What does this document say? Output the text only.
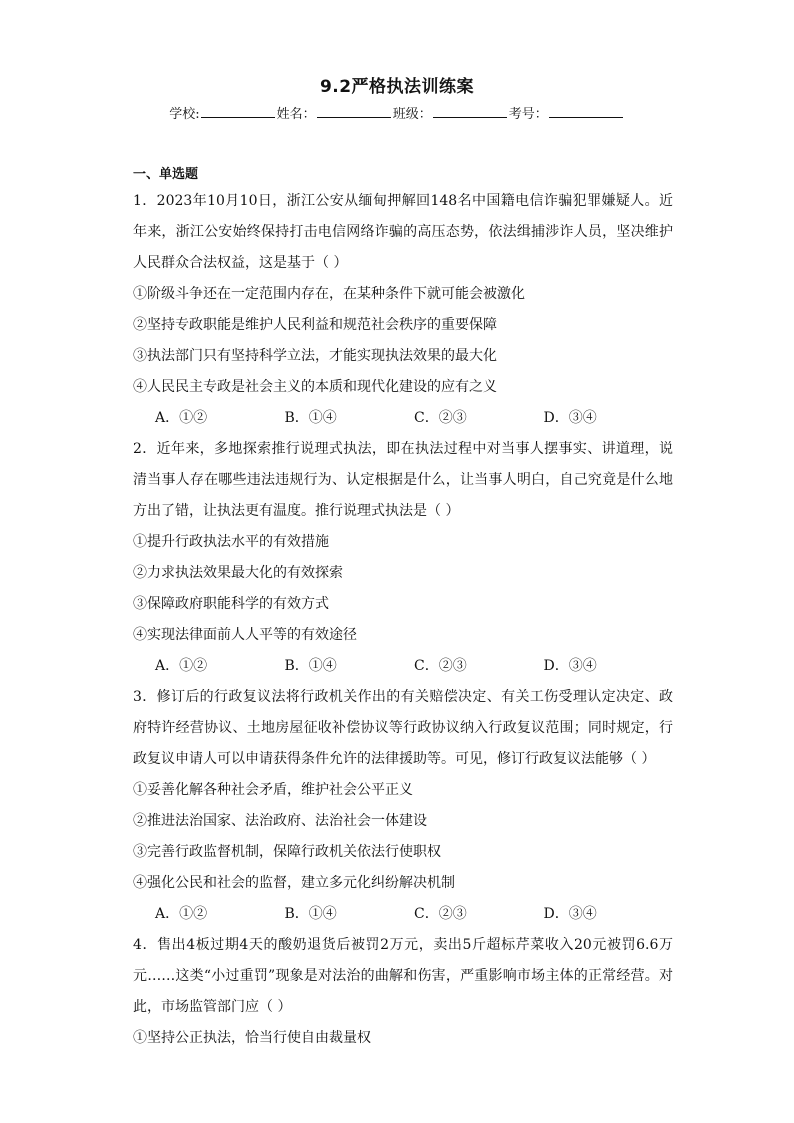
9.2严格执法训练案
学校:	姓名：	班级：	考号：
一、单选题
1．2023年10月10日，浙江公安从缅甸押解回148名中国籍电信诈骗犯罪嫌疑人。近年来，浙江公安始终保持打击电信网络诈骗的高压态势，依法缉捕涉诈人员，坚决维护人民群众合法权益，这是基于（ ）
①阶级斗争还在一定范围内存在，在某种条件下就可能会被激化
②坚持专政职能是维护人民利益和规范社会秩序的重要保障
③执法部门只有坚持科学立法，才能实现执法效果的最大化
④人民民主专政是社会主义的本质和现代化建设的应有之义
A．①②	B．①④	C．②③	D．③④
2．近年来，多地探索推行说理式执法，即在执法过程中对当事人摆事实、讲道理，说清当事人存在哪些违法违规行为、认定根据是什么，让当事人明白，自己究竟是什么地方出了错，让执法更有温度。推行说理式执法是（ ）
①提升行政执法水平的有效措施
②力求执法效果最大化的有效探索
③保障政府职能科学的有效方式
④实现法律面前人人平等的有效途径
A．①②	B．①④	C．②③	D．③④
3．修订后的行政复议法将行政机关作出的有关赔偿决定、有关工伤受理认定决定、政府特许经营协议、土地房屋征收补偿协议等行政协议纳入行政复议范围；同时规定，行政复议申请人可以申请获得条件允许的法律援助等。可见，修订行政复议法能够（ ）
①妥善化解各种社会矛盾，维护社会公平正义
②推进法治国家、法治政府、法治社会一体建设
③完善行政监督机制，保障行政机关依法行使职权
④强化公民和社会的监督，建立多元化纠纷解决机制
A．①②	B．①④	C．②③	D．③④
4．售出4板过期4天的酸奶退货后被罚2万元，卖出5斤超标芹菜收入20元被罚6.6万元……这类“小过重罚”现象是对法治的曲解和伤害，严重影响市场主体的正常经营。对此，市场监管部门应（ ）
①坚持公正执法，恰当行使自由裁量权
